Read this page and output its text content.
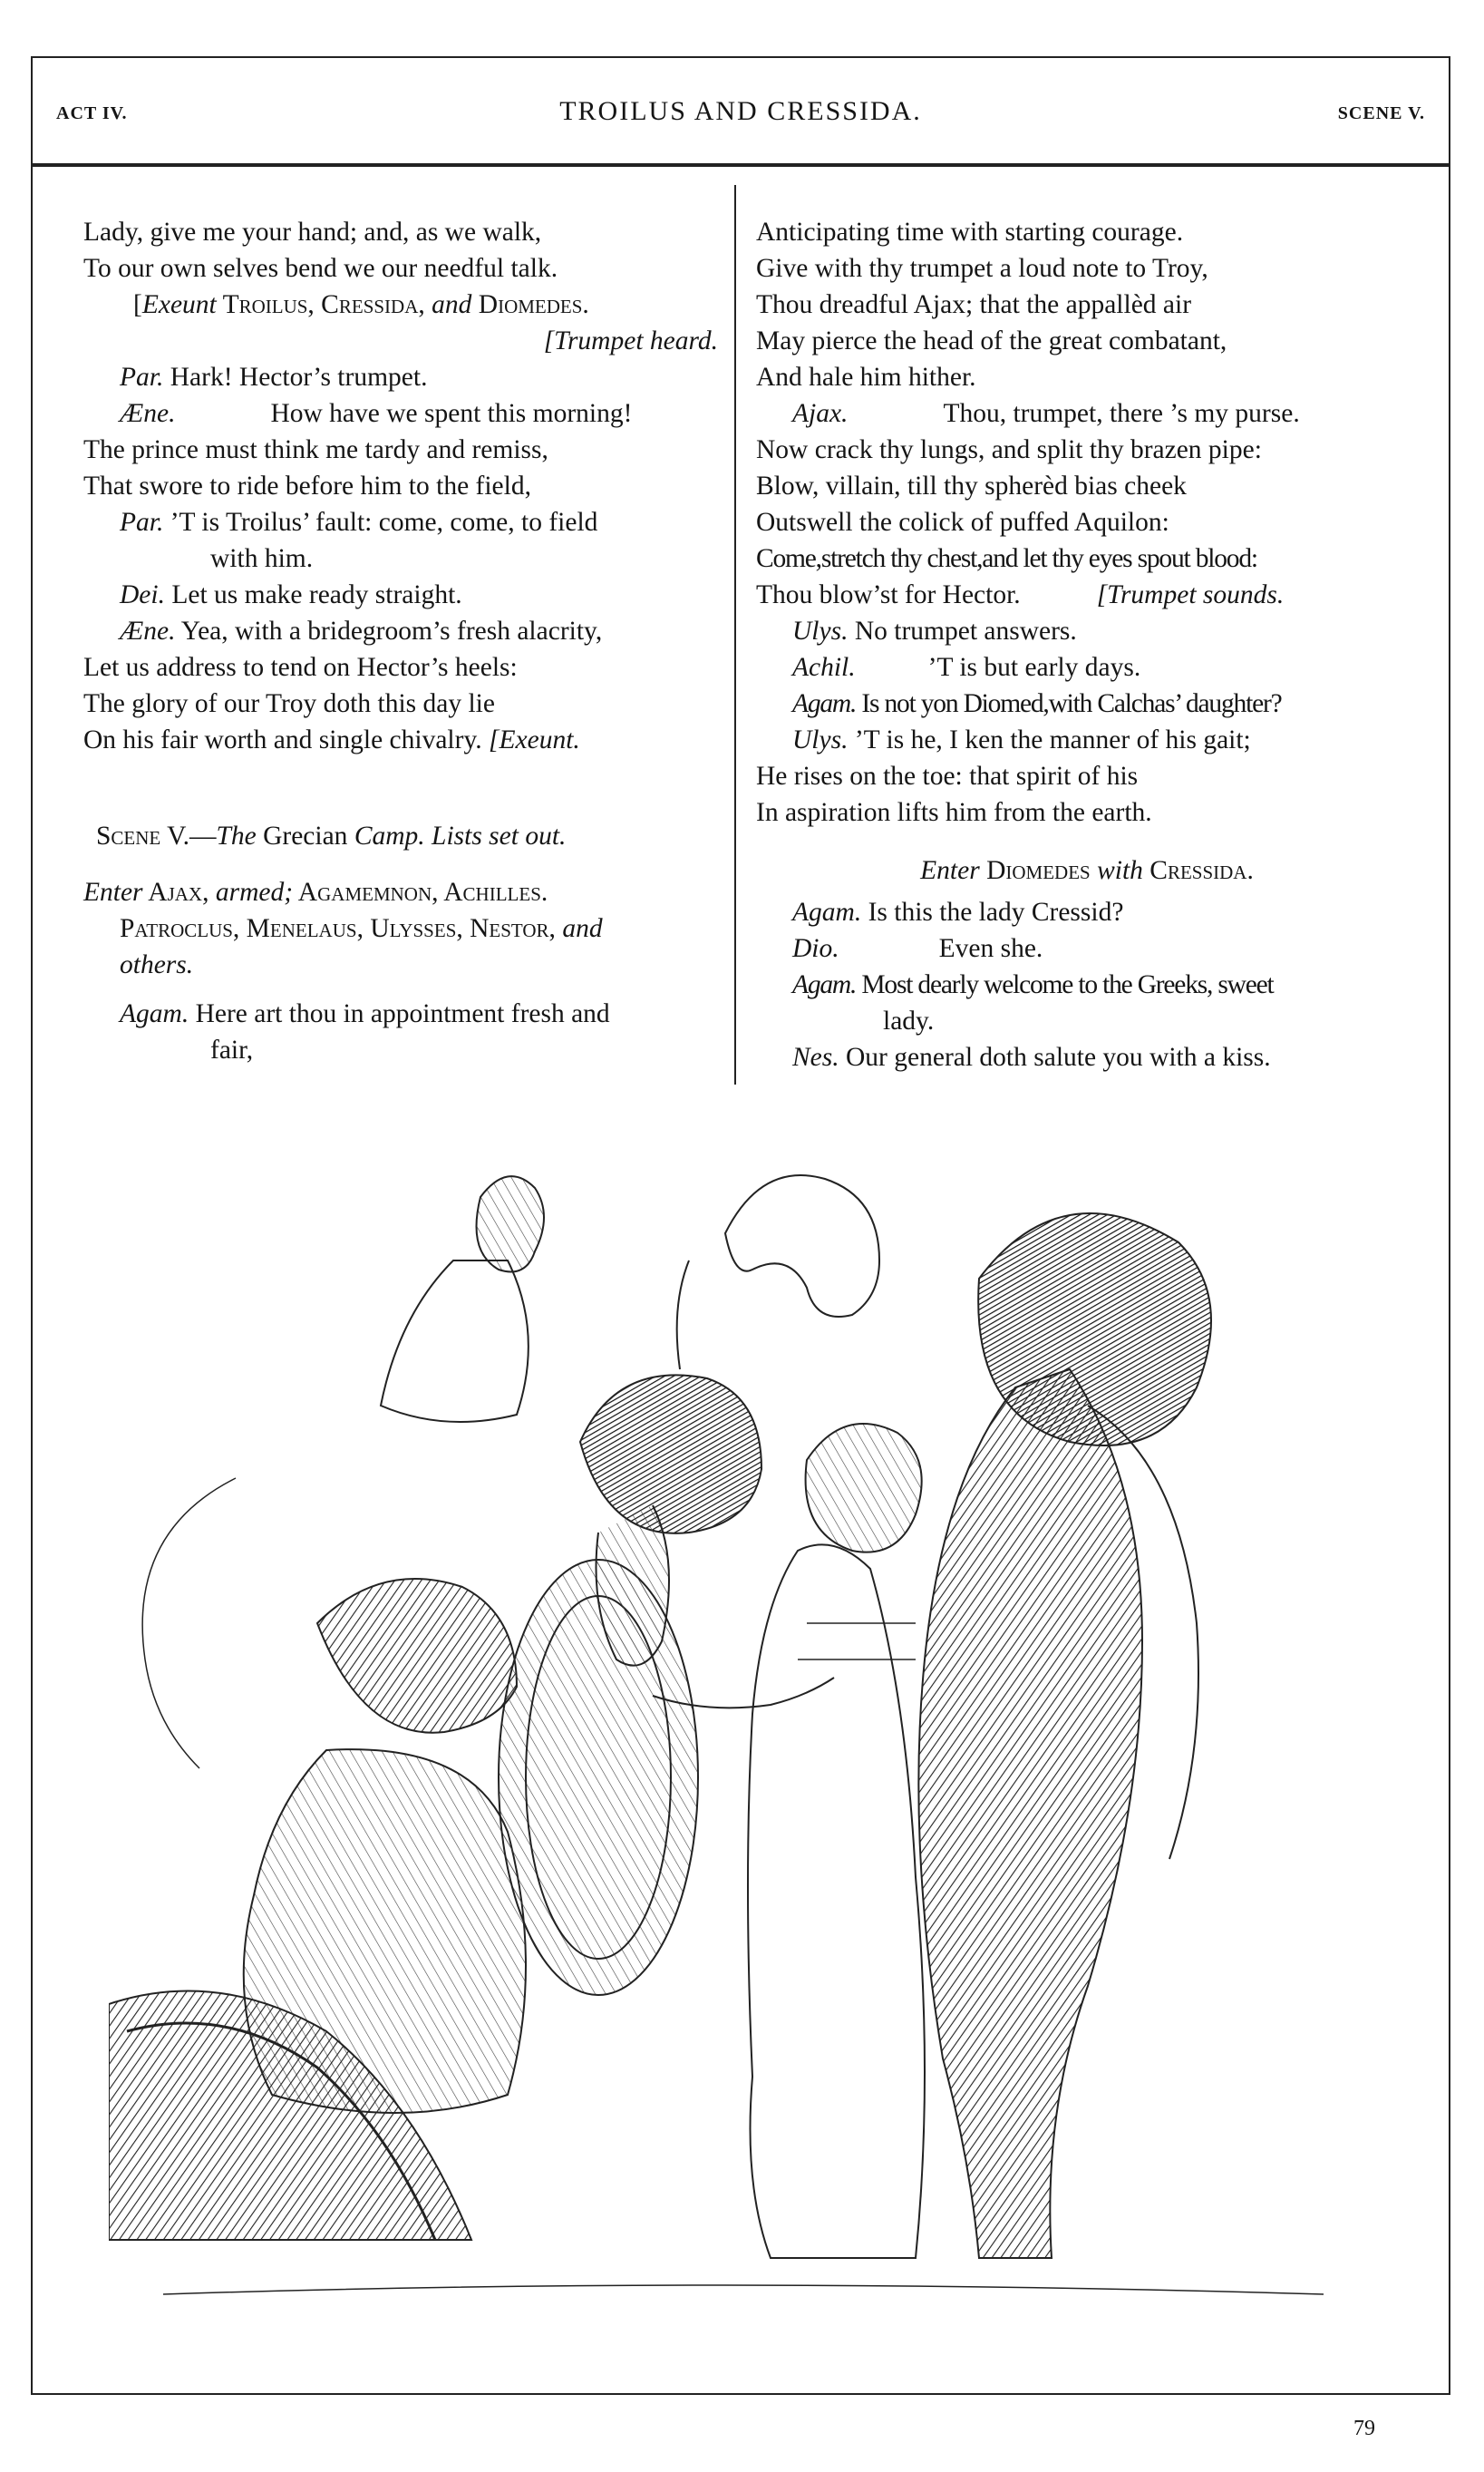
ACT IV.	TROILUS AND CRESSIDA.	SCENE V.
Lady, give me your hand; and, as we walk,
To our own selves bend we our needful talk.
[Exeunt Troilus, Cressida, and Diomedes.
[Trumpet heard.
Par. Hark! Hector’s trumpet.
Æne.	How have we spent this morning!
The prince must think me tardy and remiss,
That swore to ride before him to the field,
Par. ’T is Troilus’ fault: come, come, to field
with him.
Dei. Let us make ready straight.
Æne. Yea, with a bridegroom’s fresh alacrity,
Let us address to tend on Hector’s heels:
The glory of our Troy doth this day lie
On his fair worth and single chivalry. [Exeunt.
Scene V.—The Grecian Camp. Lists set out.
Enter Ajax, armed; Agamemnon, Achilles.
Patroclus, Menelaus, Ulysses, Nestor, and
others.
Agam. Here art thou in appointment fresh and
fair,
Anticipating time with starting courage.
Give with thy trumpet a loud note to Troy,
Thou dreadful Ajax; that the appallèd air
May pierce the head of the great combatant,
And hale him hither.
Ajax.	Thou, trumpet, there ’s my purse.
Now crack thy lungs, and split thy brazen pipe:
Blow, villain, till thy spherèd bias cheek
Outswell the colick of puffed Aquilon:
Come,stretch thy chest,and let thy eyes spout blood:
Thou blow’st for Hector.	[Trumpet sounds.
Ulys. No trumpet answers.
Achil.	’T is but early days.
Agam. Is not yon Diomed,with Calchas’ daughter?
Ulys. ’T is he, I ken the manner of his gait;
He rises on the toe: that spirit of his
In aspiration lifts him from the earth.
Enter Diomedes with Cressida.
Agam. Is this the lady Cressid?
Dio.	Even she.
Agam. Most dearly welcome to the Greeks, sweet
lady.
Nes. Our general doth salute you with a kiss.
79
